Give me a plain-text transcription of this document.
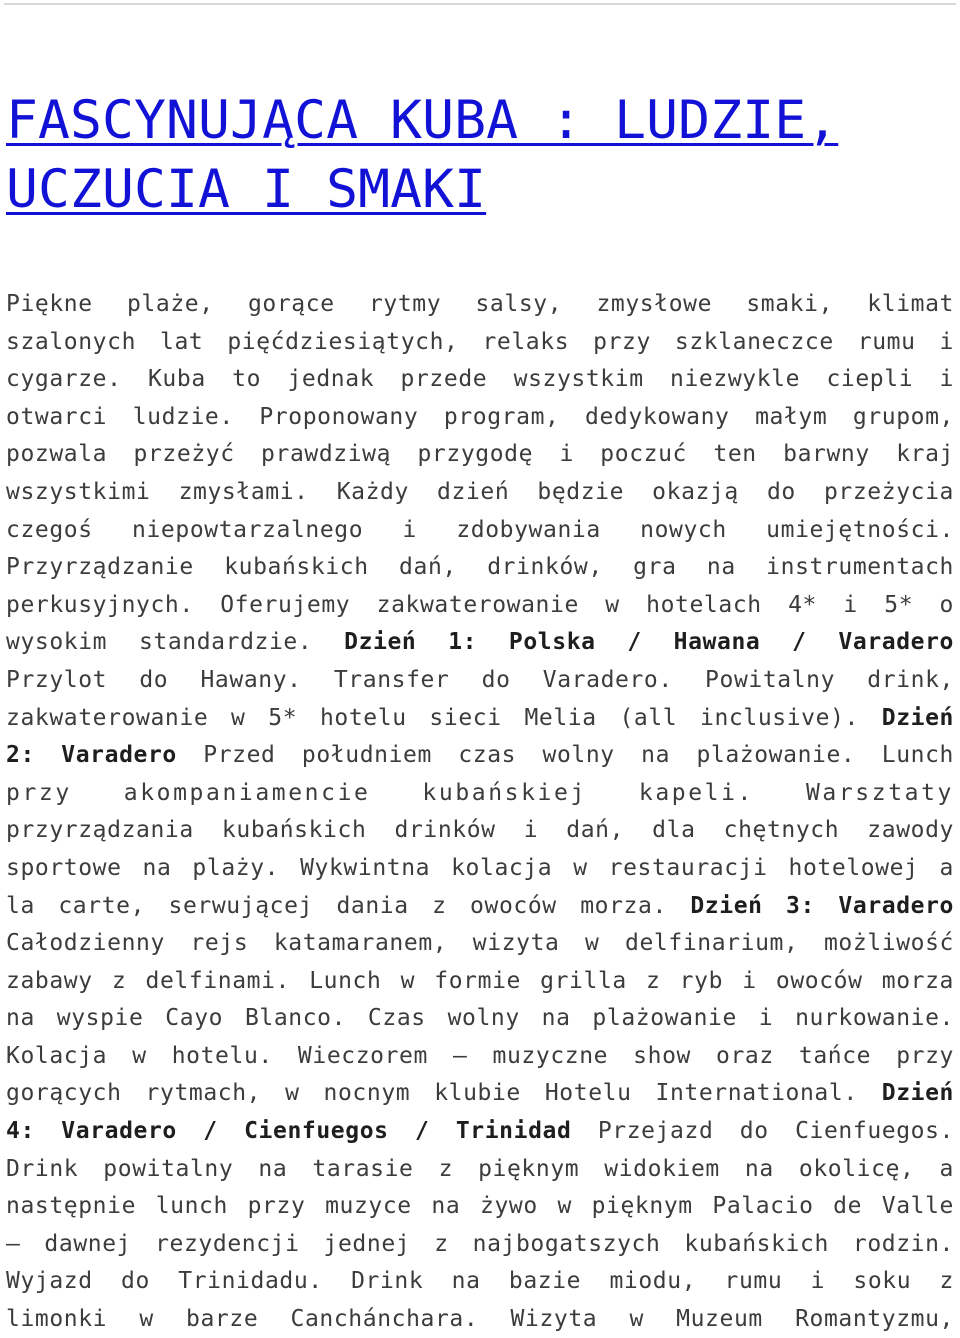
FASCYNUJĄCA KUBA : LUDZIE,
UCZUCIA I SMAKI
Piękne plaże, gorące rytmy salsy, zmysłowe smaki, klimat
szalonych lat pięćdziesiątych, relaks przy szklaneczce rumu i
cygarze. Kuba to jednak przede wszystkim niezwykle ciepli i
otwarci ludzie. Proponowany program, dedykowany małym grupom,
pozwala przeżyć prawdziwą przygodę i poczuć ten barwny kraj
wszystkimi zmysłami. Każdy dzień będzie okazją do przeżycia
czegoś niepowtarzalnego i zdobywania nowych umiejętności.
Przyrządzanie kubańskich dań, drinków, gra na instrumentach
perkusyjnych. Oferujemy zakwaterowanie w hotelach 4* i 5* o
wysokim standardzie. Dzień 1: Polska / Hawana / Varadero
Przylot do Hawany. Transfer do Varadero. Powitalny drink,
zakwaterowanie w 5* hotelu sieci Melia (all inclusive). Dzień
2: Varadero Przed południem czas wolny na plażowanie. Lunch
przy akompaniamencie kubańskiej kapeli. Warsztaty
przyrządzania kubańskich drinków i dań, dla chętnych zawody
sportowe na plaży. Wykwintna kolacja w restauracji hotelowej a
la carte, serwującej dania z owoców morza. Dzień 3: Varadero
Całodzienny rejs katamaranem, wizyta w delfinarium, możliwość
zabawy z delfinami. Lunch w formie grilla z ryb i owoców morza
na wyspie Cayo Blanco. Czas wolny na plażowanie i nurkowanie.
Kolacja w hotelu. Wieczorem – muzyczne show oraz tańce przy
gorących rytmach, w nocnym klubie Hotelu International. Dzień
4: Varadero / Cienfuegos / Trinidad Przejazd do Cienfuegos.
Drink powitalny na tarasie z pięknym widokiem na okolicę, a
następnie lunch przy muzyce na żywo w pięknym Palacio de Valle
– dawnej rezydencji jednej z najbogatszych kubańskich rodzin.
Wyjazd do Trinidadu. Drink na bazie miodu, rumu i soku z
limonki w barze Canchánchara. Wizyta w Muzeum Romantyzmu,
